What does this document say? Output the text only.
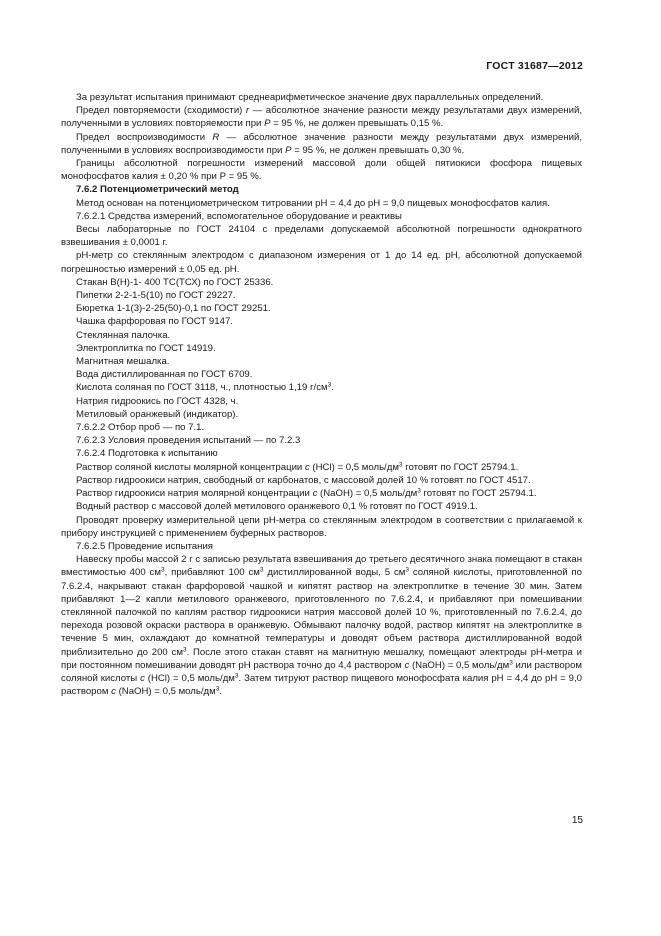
ГОСТ 31687—2012

За результат испытания принимают среднеарифметическое значение двух параллельных определений.

Предел повторяемости (сходимости) r — абсолютное значение разности между результатами двух измерений, полученными в условиях повторяемости при Р = 95 %, не должен превышать 0,15 %.

Предел воспроизводимости R — абсолютное значение разности между результатами двух измерений, полученными в условиях воспроизводимости при Р = 95 %, не должен превышать 0,30 %.

Границы абсолютной погрешности измерений массовой доли общей пятиокиси фосфора пищевых монофосфатов калия ± 0,20 % при Р = 95 %.

7.6.2 Потенциометрический метод

Метод основан на потенциометрическом титровании pH = 4,4 до pH = 9,0 пищевых монофосфатов калия.

7.6.2.1 Средства измерений, вспомогательное оборудование и реактивы

Весы лабораторные по ГОСТ 24104 с пределами допускаемой абсолютной погрешности однократного взвешивания ± 0,0001 г.

pH-метр со стеклянным электродом с диапазоном измерения от 1 до 14 ед. pH, абсолютной допускаемой погрешностью измерений ± 0,05 ед. pH.

Стакан В(Н)-1- 400 ТС(ТСХ) по ГОСТ 25336.

Пипетки 2-2-1-5(10) по ГОСТ 29227.

Бюретка 1-1(3)-2-25(50)-0,1 по ГОСТ 29251.

Чашка фарфоровая по ГОСТ 9147.

Стеклянная палочка.

Электроплитка по ГОСТ 14919.

Магнитная мешалка.

Вода дистиллированная по ГОСТ 6709.

Кислота соляная по ГОСТ 3118, ч., плотностью 1,19 $г/см^3$.

Натрия гидроокись по ГОСТ 4328, ч.

Метиловый оранжевый (индикатор).

7.6.2.2 Отбор проб — по 7.1.

7.6.2.3 Условия проведения испытаний — по 7.2.3

7.6.2.4 Подготовка к испытанию

Раствор соляной кислоты молярной концентрации с (HCl) = 0,5 моль/$дм^3$ готовят по ГОСТ 25794.1.

Раствор гидроокиси натрия, свободный от карбонатов, с массовой долей 10 % готовят по ГОСТ 4517.

Раствор гидроокиси натрия молярной концентрации с (NaOH) = 0,5 моль/$дм^3$ готовят по ГОСТ 25794.1.

Водный раствор с массовой долей метилового оранжевого 0,1 % готовят по ГОСТ 4919.1.

Проводят проверку измерительной цепи pH-метра со стеклянным электродом в соответствии с прилагаемой к прибору инструкцией с применением буферных растворов.

7.6.2.5 Проведение испытания

Навеску пробы массой 2 г с записью результата взвешивания до третьего десятичного знака помещают в стакан вместимостью 400 $см^3$, прибавляют 100 $см^3$ дистиллированной воды, 5 $см^3$ соляной кислоты, приготовленной по 7.6.2.4, накрывают стакан фарфоровой чашкой и кипятят раствор на электроплитке в течение 30 мин. Затем прибавляют 1—2 капли метилового оранжевого, приготовленного по 7.6.2.4, и прибавляют при помешивании стеклянной палочкой по каплям раствор гидроокиси натрия массовой долей 10 %, приготовленный по 7.6.2.4, до перехода розовой окраски раствора в оранжевую. Обмывают палочку водой, раствор кипятят на электроплитке в течение 5 мин, охлаждают до комнатной температуры и доводят объем раствора дистиллированной водой приблизительно до 200 $см^3$. После этого стакан ставят на магнитную мешалку, помещают электроды pH-метра и при постоянном помешивании доводят pH раствора точно до 4,4 раствором с (NaOH) = 0,5 моль/$дм^3$ или раствором соляной кислоты с (HCl) = 0,5 моль/$дм^3$. Затем титруют раствор пищевого монофосфата калия pH = 4,4 до pH = 9,0 раствором с (NaOH) = 0,5 моль/$дм^3$.

15
